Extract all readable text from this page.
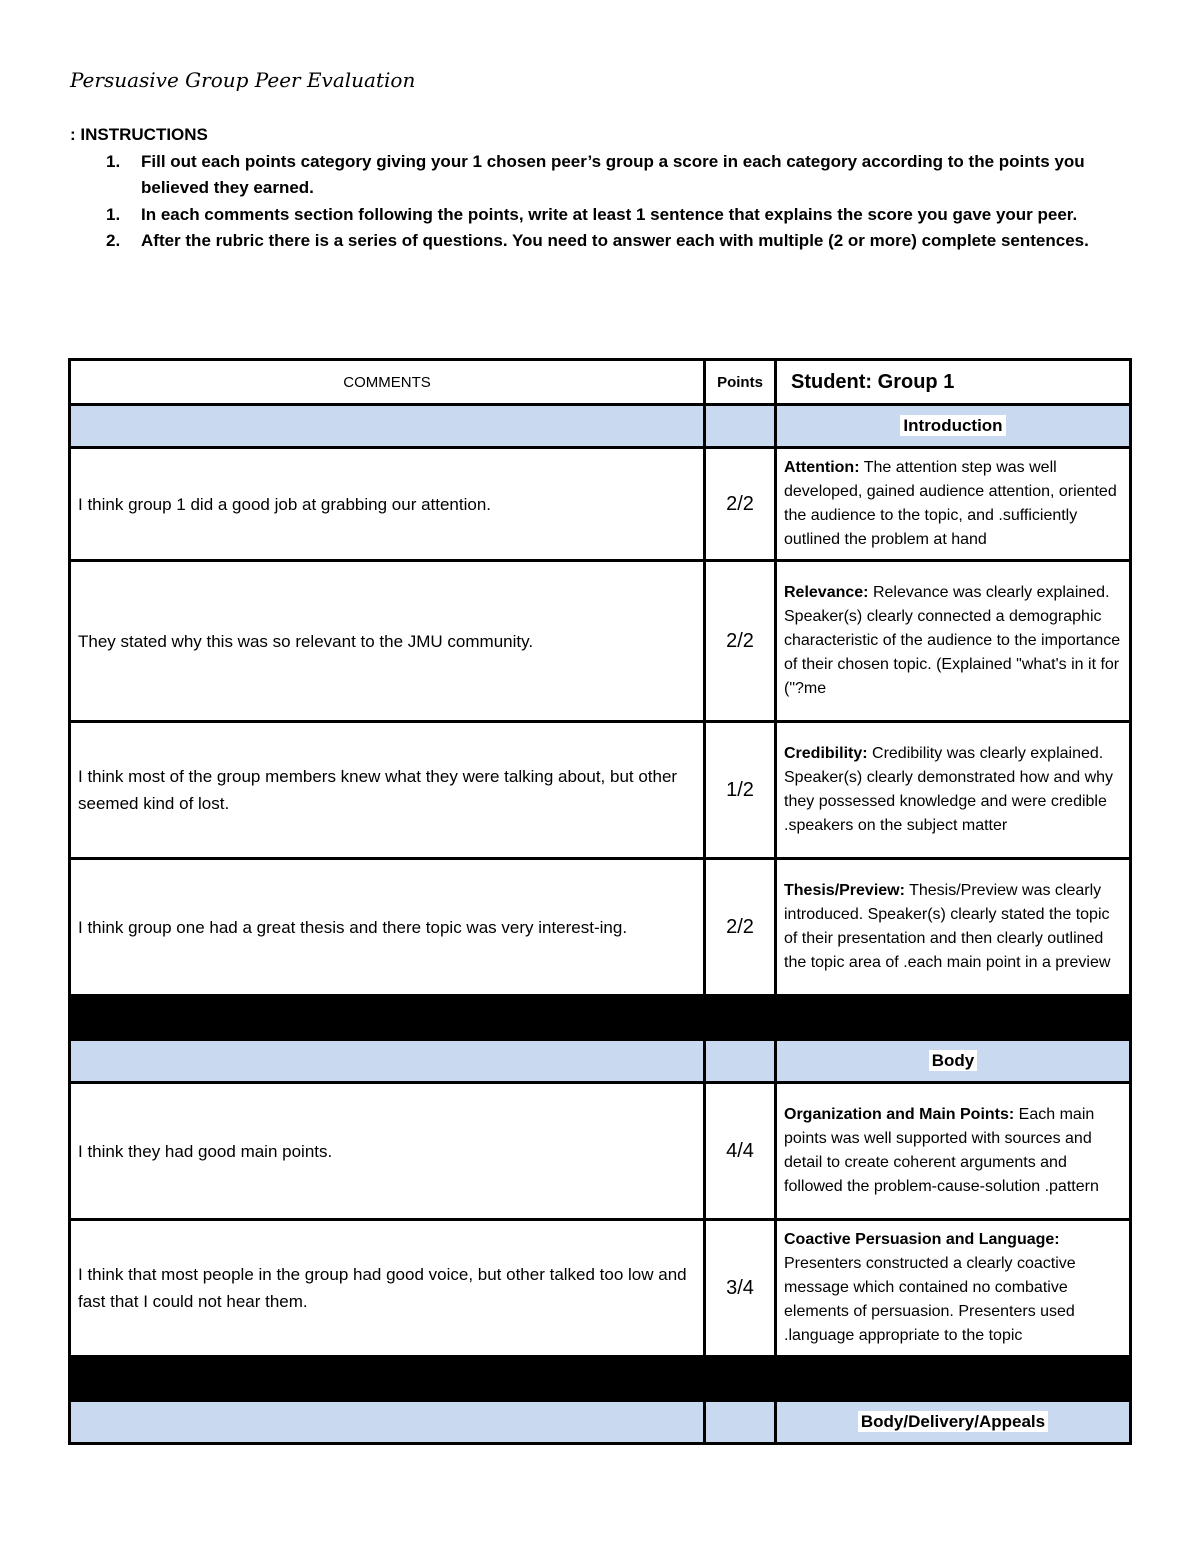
Persuasive Group Peer Evaluation
: INSTRUCTIONS
1. Fill out each points category giving your 1 chosen peer’s group a score in each category according to the points you believed they earned.
1. In each comments section following the points, write at least 1 sentence that explains the score you gave your peer.
2. After the rubric there is a series of questions. You need to answer each with multiple (2 or more) complete sentences.
COMMENTS	Points	Student: Group 1
		Introduction
I think group 1 did a good job at grabbing our attention.	2/2	Attention: The attention step was well developed, gained audience attention, oriented the audience to the topic, and .sufficiently outlined the problem at hand
They stated why this was so relevant to the JMU community.	2/2	Relevance: Relevance was clearly explained. Speaker(s) clearly connected a demographic characteristic of the audience to the importance of their chosen topic. (Explained "what's in it for ("?me
I think most of the group members knew what they were talking about, but other seemed kind of lost.	1/2	Credibility: Credibility was clearly explained. Speaker(s) clearly demonstrated how and why they possessed knowledge and were credible .speakers on the subject matter
I think group one had a great thesis and there topic was very interest-ing.	2/2	Thesis/Preview: Thesis/Preview was clearly introduced. Speaker(s) clearly stated the topic of their presentation and then clearly outlined the topic area of .each main point in a preview

		Body
I think they had good main points.	4/4	Organization and Main Points: Each main points was well supported with sources and detail to create coherent arguments and followed the problem-cause-solution .pattern
I think that most people in the group had good voice, but other talked too low and fast that I could not hear them.	3/4	Coactive Persuasion and Language: Presenters constructed a clearly coactive message which contained no combative elements of persuasion. Presenters used .language appropriate to the topic

		Body/Delivery/Appeals
